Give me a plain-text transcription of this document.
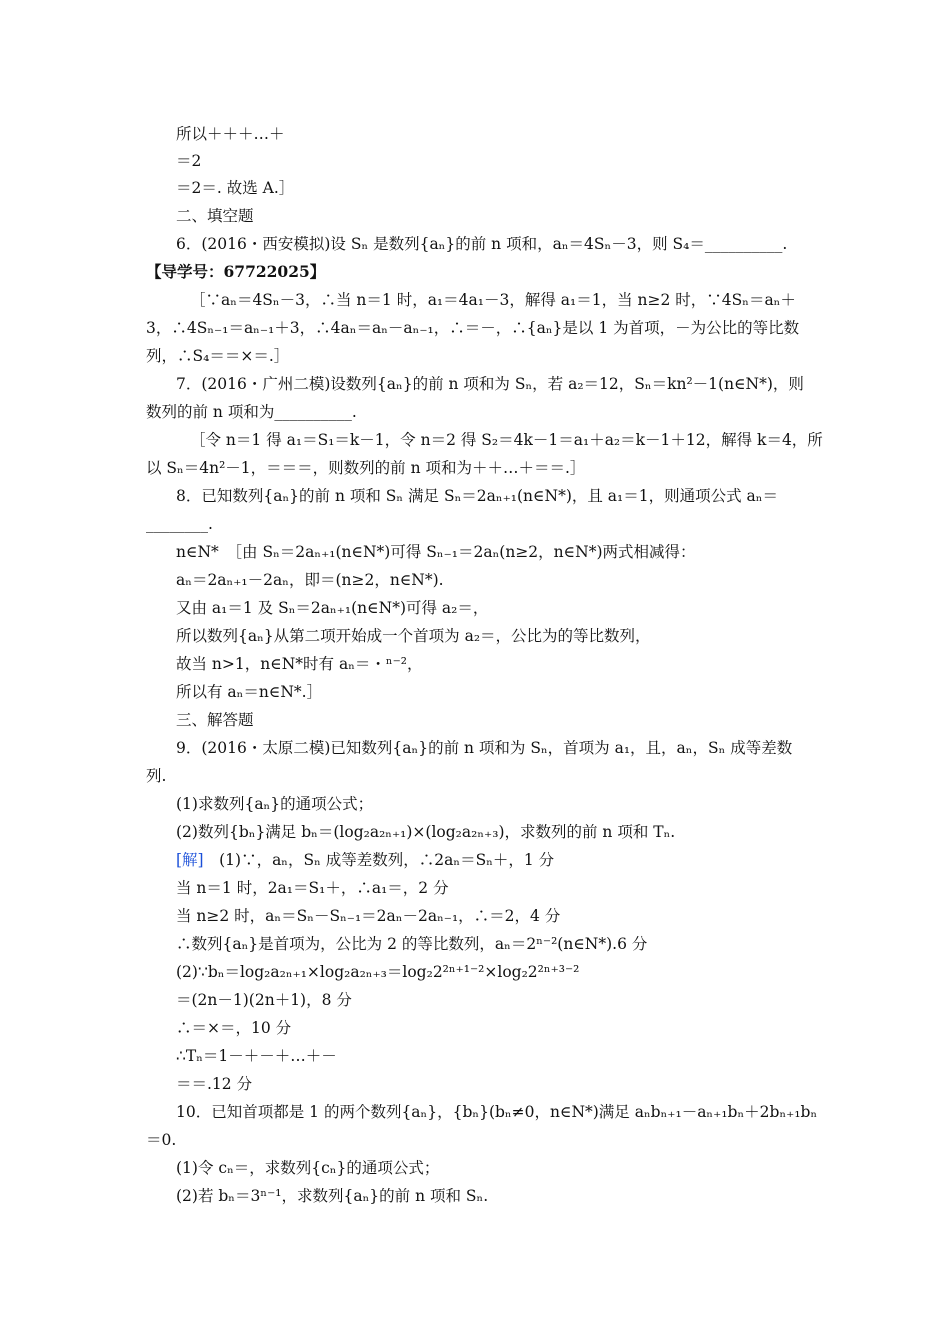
所以＋＋＋…＋
＝2
＝2＝. 故选 A.］
二、填空题
6．(2016・西安模拟)设 Sₙ 是数列{aₙ}的前 n 项和，aₙ＝4Sₙ－3，则 S₄＝__________.
【导学号：67722025】
［∵aₙ＝4Sₙ－3，∴当 n＝1 时，a₁＝4a₁－3，解得 a₁＝1，当 n≥2 时，∵4Sₙ＝aₙ＋
3，∴4Sₙ₋₁＝aₙ₋₁＋3，∴4aₙ＝aₙ－aₙ₋₁，∴＝－，∴{aₙ}是以 1 为首项，－为公比的等比数
列，∴S₄＝＝×＝.］
7．(2016・广州二模)设数列{aₙ}的前 n 项和为 Sₙ，若 a₂＝12，Sₙ＝kn²－1(n∈N*)，则
数列的前 n 项和为__________.
［令 n＝1 得 a₁＝S₁＝k－1，令 n＝2 得 S₂＝4k－1＝a₁＋a₂＝k－1＋12，解得 k＝4，所
以 Sₙ＝4n²－1，＝＝＝，则数列的前 n 项和为＋＋…＋＝＝.］
8．已知数列{aₙ}的前 n 项和 Sₙ 满足 Sₙ＝2aₙ₊₁(n∈N*)，且 a₁＝1，则通项公式 aₙ＝
________.
n∈N*　［由 Sₙ＝2aₙ₊₁(n∈N*)可得 Sₙ₋₁＝2aₙ(n≥2，n∈N*)两式相减得：
aₙ＝2aₙ₊₁－2aₙ，即＝(n≥2，n∈N*).
又由 a₁＝1 及 Sₙ＝2aₙ₊₁(n∈N*)可得 a₂＝，
所以数列{aₙ}从第二项开始成一个首项为 a₂＝，公比为的等比数列，
故当 n>1，n∈N*时有 aₙ＝・ⁿ⁻²，
所以有 aₙ＝n∈N*.］
三、解答题
9．(2016・太原二模)已知数列{aₙ}的前 n 项和为 Sₙ，首项为 a₁，且，aₙ，Sₙ 成等差数
列.
(1)求数列{aₙ}的通项公式；
(2)数列{bₙ}满足 bₙ＝(log₂a₂ₙ₊₁)×(log₂a₂ₙ₊₃)，求数列的前 n 项和 Tₙ.
[解]　(1)∵，aₙ，Sₙ 成等差数列，∴2aₙ＝Sₙ＋，1 分
当 n＝1 时，2a₁＝S₁＋，∴a₁＝，2 分
当 n≥2 时，aₙ＝Sₙ－Sₙ₋₁＝2aₙ－2aₙ₋₁，∴＝2，4 分
∴数列{aₙ}是首项为，公比为 2 的等比数列，aₙ＝2ⁿ⁻²(n∈N*).6 分
(2)∵bₙ＝log₂a₂ₙ₊₁×log₂a₂ₙ₊₃＝log₂2²ⁿ⁺¹⁻²×log₂2²ⁿ⁺³⁻²
＝(2n－1)(2n＋1)，8 分
∴＝×＝，10 分
∴Tₙ＝1－＋－＋…＋－
＝＝.12 分
10．已知首项都是 1 的两个数列{aₙ}，{bₙ}(bₙ≠0，n∈N*)满足 aₙbₙ₊₁－aₙ₊₁bₙ＋2bₙ₊₁bₙ
＝0.
(1)令 cₙ＝，求数列{cₙ}的通项公式；
(2)若 bₙ＝3ⁿ⁻¹，求数列{aₙ}的前 n 项和 Sₙ.
